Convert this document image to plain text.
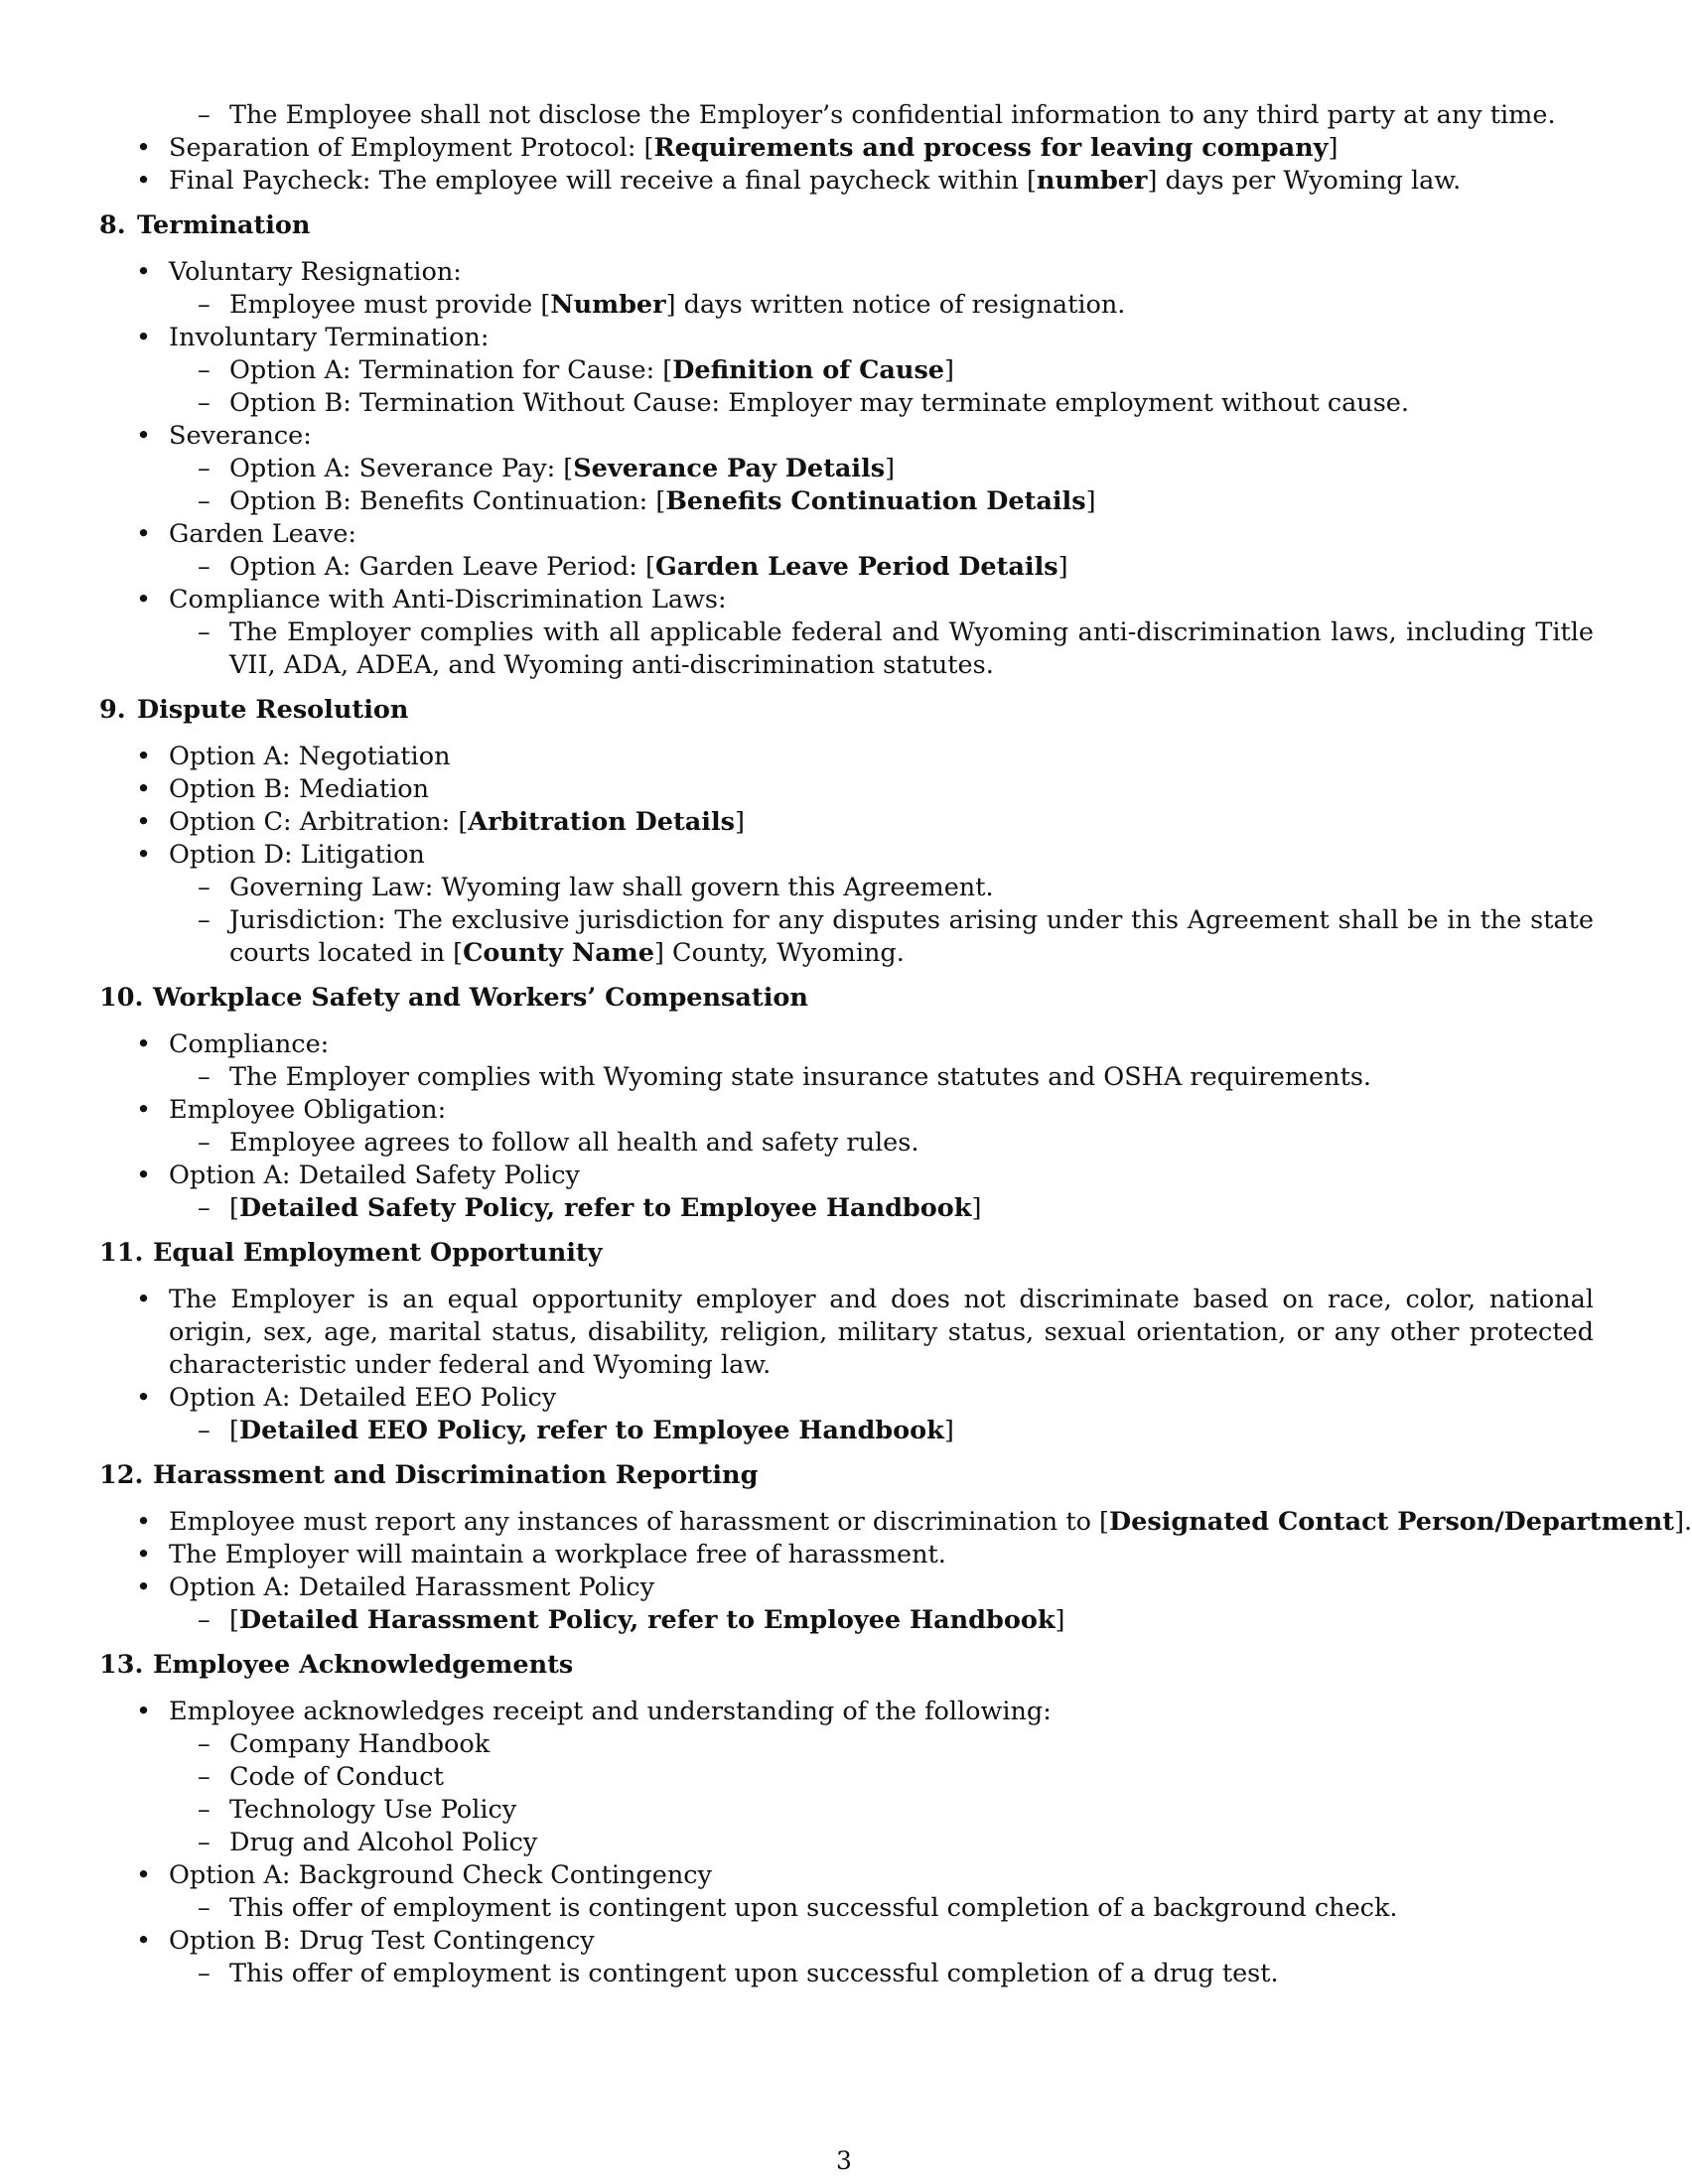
– The Employee shall not disclose the Employer’s confidential information to any third party at any time.
• Separation of Employment Protocol: [Requirements and process for leaving company]
• Final Paycheck: The employee will receive a final paycheck within [number] days per Wyoming law.
8. Termination
• Voluntary Resignation:
– Employee must provide [Number] days written notice of resignation.
• Involuntary Termination:
– Option A: Termination for Cause: [Definition of Cause]
– Option B: Termination Without Cause: Employer may terminate employment without cause.
• Severance:
– Option A: Severance Pay: [Severance Pay Details]
– Option B: Benefits Continuation: [Benefits Continuation Details]
• Garden Leave:
– Option A: Garden Leave Period: [Garden Leave Period Details]
• Compliance with Anti-Discrimination Laws:
– The Employer complies with all applicable federal and Wyoming anti-discrimination laws, including Title VII, ADA, ADEA, and Wyoming anti-discrimination statutes.
9. Dispute Resolution
• Option A: Negotiation
• Option B: Mediation
• Option C: Arbitration: [Arbitration Details]
• Option D: Litigation
– Governing Law: Wyoming law shall govern this Agreement.
– Jurisdiction: The exclusive jurisdiction for any disputes arising under this Agreement shall be in the state courts located in [County Name] County, Wyoming.
10. Workplace Safety and Workers’ Compensation
• Compliance:
– The Employer complies with Wyoming state insurance statutes and OSHA requirements.
• Employee Obligation:
– Employee agrees to follow all health and safety rules.
• Option A: Detailed Safety Policy
– [Detailed Safety Policy, refer to Employee Handbook]
11. Equal Employment Opportunity
• The Employer is an equal opportunity employer and does not discriminate based on race, color, national origin, sex, age, marital status, disability, religion, military status, sexual orientation, or any other protected characteristic under federal and Wyoming law.
• Option A: Detailed EEO Policy
– [Detailed EEO Policy, refer to Employee Handbook]
12. Harassment and Discrimination Reporting
• Employee must report any instances of harassment or discrimination to [Designated Contact Person/Department].
• The Employer will maintain a workplace free of harassment.
• Option A: Detailed Harassment Policy
– [Detailed Harassment Policy, refer to Employee Handbook]
13. Employee Acknowledgements
• Employee acknowledges receipt and understanding of the following:
– Company Handbook
– Code of Conduct
– Technology Use Policy
– Drug and Alcohol Policy
• Option A: Background Check Contingency
– This offer of employment is contingent upon successful completion of a background check.
• Option B: Drug Test Contingency
– This offer of employment is contingent upon successful completion of a drug test.
3
